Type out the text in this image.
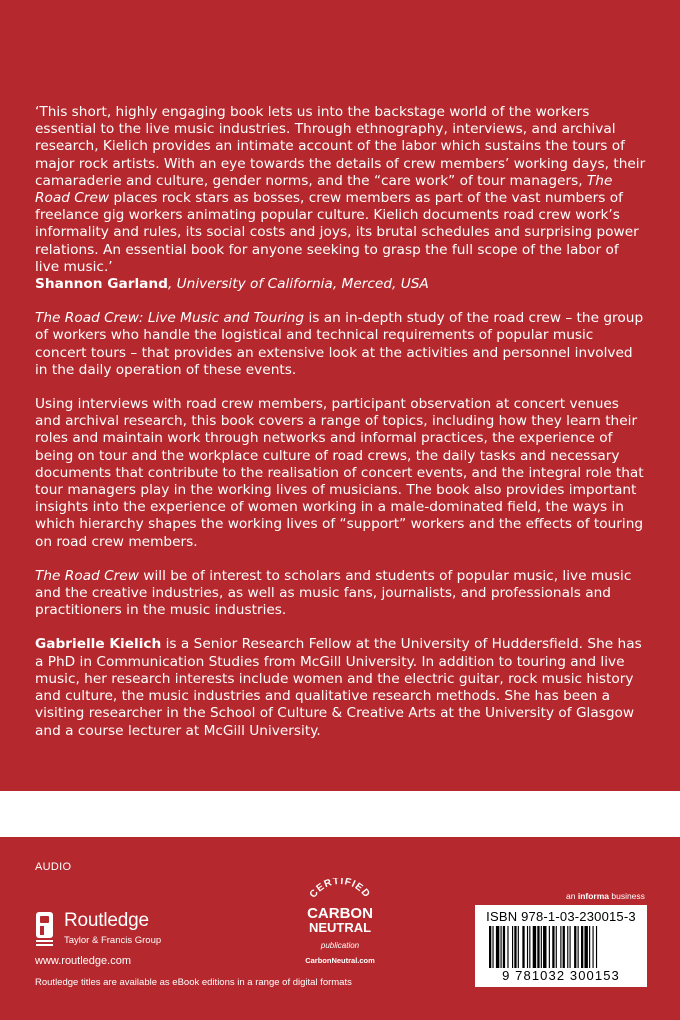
‘This short, highly engaging book lets us into the backstage world of the workers essential to the live music industries. Through ethnography, interviews, and archival research, Kielich provides an intimate account of the labor which sustains the tours of major rock artists. With an eye towards the details of crew members’ working days, their camaraderie and culture, gender norms, and the “care work” of tour managers, The Road Crew places rock stars as bosses, crew members as part of the vast numbers of freelance gig workers animating popular culture. Kielich documents road crew work’s informality and rules, its social costs and joys, its brutal schedules and surprising power relations. An essential book for anyone seeking to grasp the full scope of the labor of live music.’

Shannon Garland, University of California, Merced, USA

The Road Crew: Live Music and Touring is an in-depth study of the road crew – the group of workers who handle the logistical and technical requirements of popular music concert tours – that provides an extensive look at the activities and personnel involved in the daily operation of these events.

Using interviews with road crew members, participant observation at concert venues and archival research, this book covers a range of topics, including how they learn their roles and maintain work through networks and informal practices, the experience of being on tour and the workplace culture of road crews, the daily tasks and necessary documents that contribute to the realisation of concert events, and the integral role that tour managers play in the working lives of musicians. The book also provides important insights into the experience of women working in a male-dominated field, the ways in which hierarchy shapes the working lives of “support” workers and the effects of touring on road crew members.

The Road Crew will be of interest to scholars and students of popular music, live music and the creative industries, as well as music fans, journalists, and professionals and practitioners in the music industries.

Gabrielle Kielich is a Senior Research Fellow at the University of Huddersfield. She has a PhD in Communication Studies from McGill University. In addition to touring and live music, her research interests include women and the electric guitar, rock music history and culture, the music industries and qualitative research methods. She has been a visiting researcher in the School of Culture & Creative Arts at the University of Glasgow and a course lecturer at McGill University.

AUDIO
Routledge
Taylor & Francis Group
www.routledge.com
Routledge titles are available as eBook editions in a range of digital formats
CERTIFIED
CARBON
NEUTRAL
publication
CarbonNeutral.com
an informa business
ISBN 978-1-03-230015-3
9 781032 300153
